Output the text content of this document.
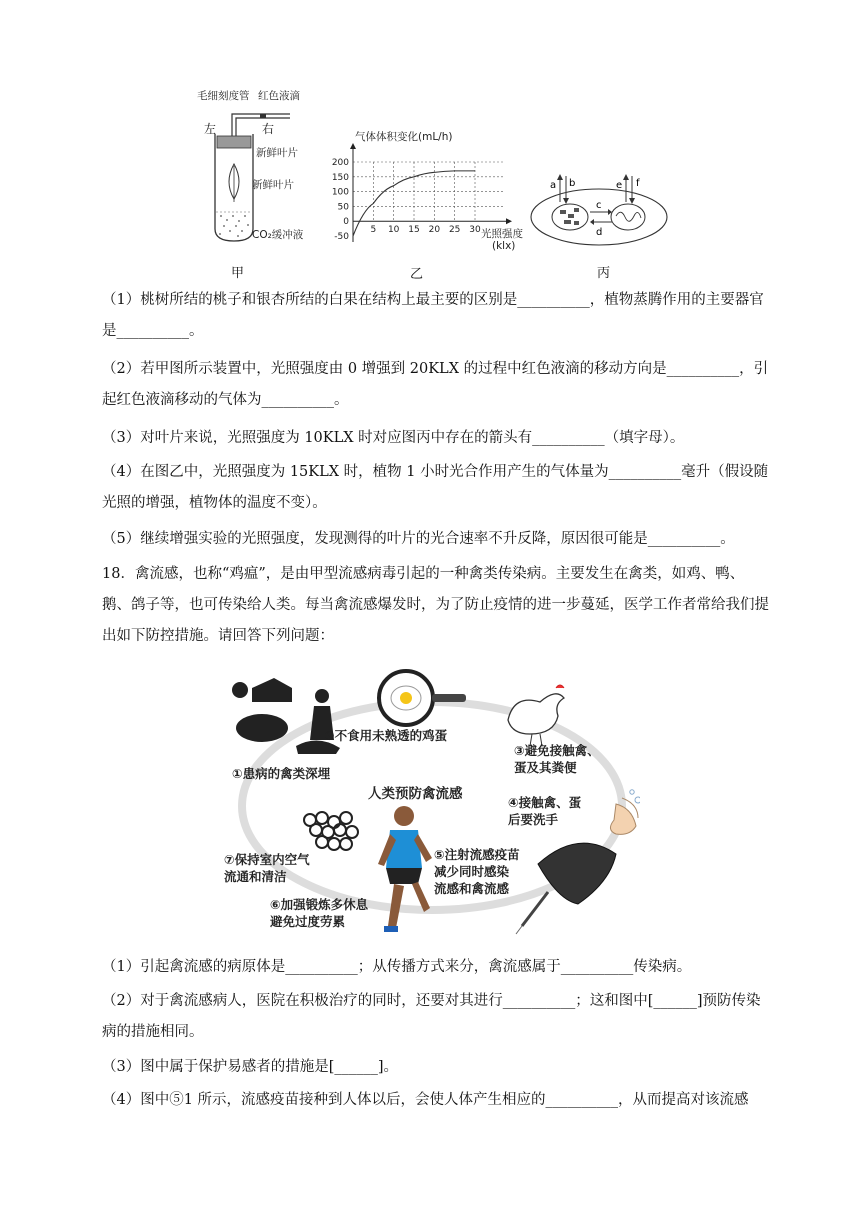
毛细刻度管 红色液滴
左	右
新鲜叶片
新鲜叶片
CO₂缓冲液
甲
气体体积变化(mL/h)
200
150
100
50
0
-50
5 10 15 20 25 30 光照强度
(klx)
乙
a b
c
d
e f
丙
（1）桃树所结的桃子和银杏所结的白果在结构上最主要的区别是__________，植物蒸腾作用的主要器官是__________。
（2）若甲图所示装置中，光照强度由 0 增强到 20KLX 的过程中红色液滴的移动方向是__________，引起红色液滴移动的气体为__________。
（3）对叶片来说，光照强度为 10KLX 时对应图丙中存在的箭头有__________（填字母）。
（4）在图乙中，光照强度为 15KLX 时，植物 1 小时光合作用产生的气体量为__________毫升（假设随光照的增强，植物体的温度不变）。
（5）继续增强实验的光照强度，发现测得的叶片的光合速率不升反降，原因很可能是__________。
18．禽流感，也称“鸡瘟”，是由甲型流感病毒引起的一种禽类传染病。主要发生在禽类，如鸡、鸭、鹅、鸽子等，也可传染给人类。每当禽流感爆发时，为了防止疫情的进一步蔓延，医学工作者常给我们提出如下防控措施。请回答下列问题：
①患病的禽类深埋
②不食用未熟透的鸡蛋
③避免接触禽、
蛋及其粪便
人类预防禽流感
④接触禽、蛋
后要洗手
⑤注射流感疫苗
减少同时感染
流感和禽流感
⑦保持室内空气
流通和清洁
⑥加强锻炼多休息
避免过度劳累
（1）引起禽流感的病原体是__________；从传播方式来分，禽流感属于__________传染病。
（2）对于禽流感病人，医院在积极治疗的同时，还要对其进行__________；这和图中[______]预防传染病的措施相同。
（3）图中属于保护易感者的措施是[______]。
（4）图中⑤1 所示，流感疫苗接种到人体以后，会使人体产生相应的__________，从而提高对该流感
